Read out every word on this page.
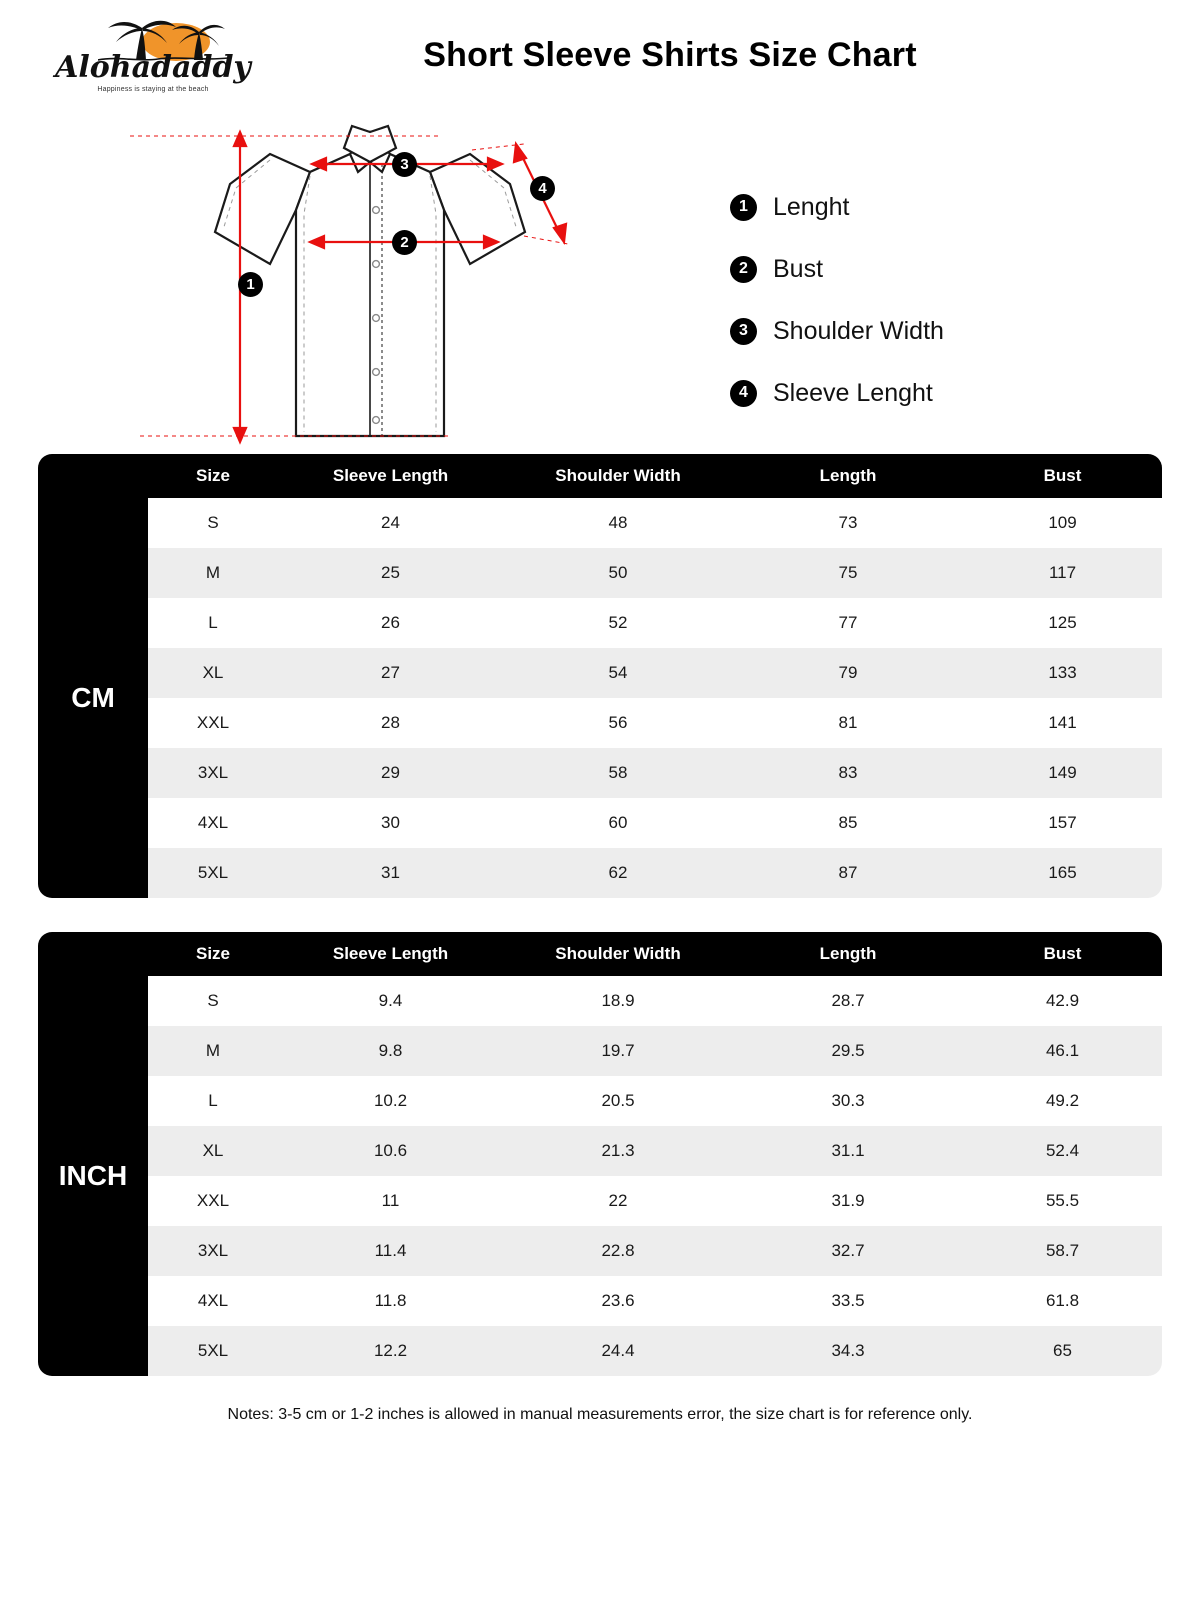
Alohadaddy
Happiness is staying at the beach
Short Sleeve Shirts Size Chart
1
2
3
4
1	Lenght
2	Bust
3	Shoulder Width
4	Sleeve Lenght
	Size	Sleeve Length	Shoulder Width	Length	Bust
CM	S	24	48	73	109
	M	25	50	75	117
	L	26	52	77	125
	XL	27	54	79	133
	XXL	28	56	81	141
	3XL	29	58	83	149
	4XL	30	60	85	157
	5XL	31	62	87	165
	Size	Sleeve Length	Shoulder Width	Length	Bust
INCH	S	9.4	18.9	28.7	42.9
	M	9.8	19.7	29.5	46.1
	L	10.2	20.5	30.3	49.2
	XL	10.6	21.3	31.1	52.4
	XXL	11	22	31.9	55.5
	3XL	11.4	22.8	32.7	58.7
	4XL	11.8	23.6	33.5	61.8
	5XL	12.2	24.4	34.3	65
Notes: 3-5 cm or 1-2 inches is allowed in manual measurements error, the size chart is for reference only.
